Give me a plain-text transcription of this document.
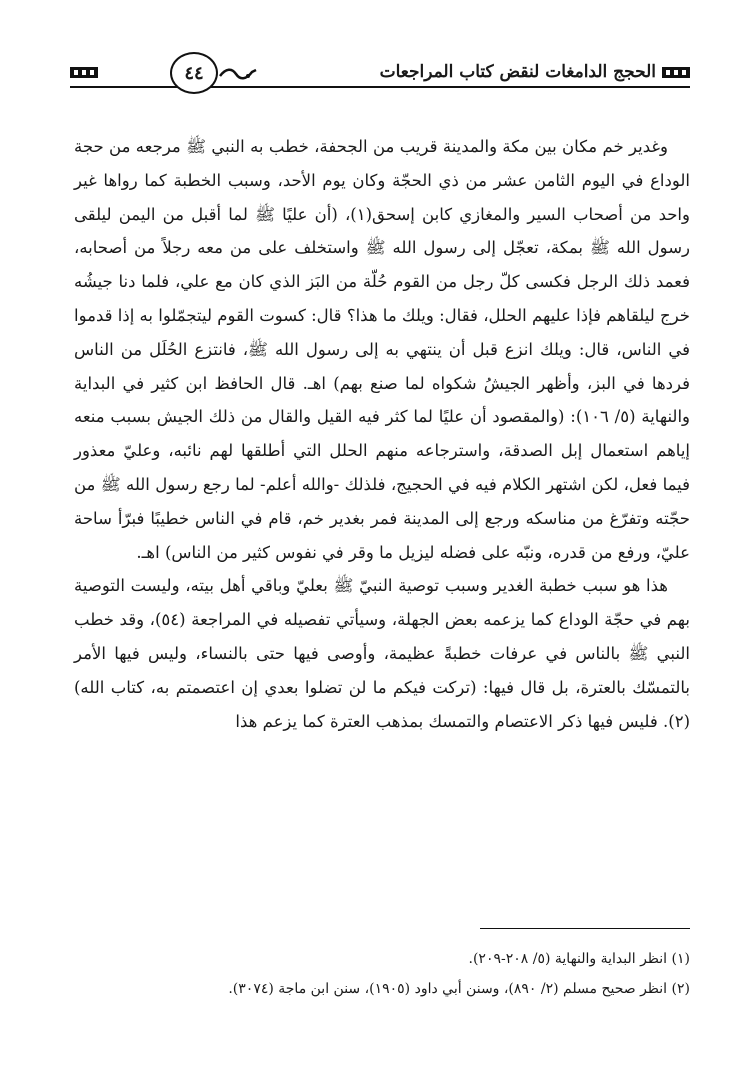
الحجج الدامغات لنقض كتاب المراجعات
٤٤

وغدير خم مكان بين مكة والمدينة قريب من الجحفة، خطب به النبي ﷺ مرجعه من حجة الوداع في اليوم الثامن عشر من ذي الحجّة وكان يوم الأحد، وسبب الخطبة كما رواها غير واحد من أصحاب السير والمغازي كابن إسحق(١)، (أن عليًا ﷺ لما أقبل من اليمن ليلقى رسول الله ﷺ بمكة، تعجّل إلى رسول الله ﷺ واستخلف على من معه رجلاً من أصحابه، فعمد ذلك الرجل فكسى كلّ رجل من القوم حُلّة من البَز الذي كان مع علي، فلما دنا جيشُه خرج ليلقاهم فإذا عليهم الحلل، فقال: ويلك ما هذا؟ قال: كسوت القوم ليتجمّلوا به إذا قدموا في الناس، قال: ويلك انزع قبل أن ينتهي به إلى رسول الله ﷺ، فانتزع الحُلَل من الناس فردها في البز، وأظهر الجيشُ شكواه لما صنع بهم) اهـ. قال الحافظ ابن كثير في البداية والنهاية (٥/ ١٠٦): (والمقصود أن عليًا لما كثر فيه القيل والقال من ذلك الجيش بسبب منعه إياهم استعمال إبل الصدقة، واسترجاعه منهم الحلل التي أطلقها لهم نائبه، وعليّ معذور فيما فعل، لكن اشتهر الكلام فيه في الحجيج، فلذلك -والله أعلم- لما رجع رسول الله ﷺ من حجّته وتفرّغ من مناسكه ورجع إلى المدينة فمر بغدير خم، قام في الناس خطيبًا فبرّأ ساحة عليّ، ورفع من قدره، ونبّه على فضله ليزيل ما وقر في نفوس كثير من الناس) اهـ.

هذا هو سبب خطبة الغدير وسبب توصية النبيّ ﷺ بعليّ وباقي أهل بيته، وليست التوصية بهم في حجّة الوداع كما يزعمه بعض الجهلة، وسيأتي تفصيله في المراجعة (٥٤)، وقد خطب النبي ﷺ بالناس في عرفات خطبةً عظيمة، وأوصى فيها حتى بالنساء، وليس فيها الأمر بالتمسّك بالعترة، بل قال فيها: (تركت فيكم ما لن تضلوا بعدي إن اعتصمتم به، كتاب الله)(٢). فليس فيها ذكر الاعتصام والتمسك بمذهب العترة كما يزعم هذا

(١) انظر البداية والنهاية (٥/ ٢٠٨-٢٠٩).

(٢) انظر صحيح مسلم (٢/ ٨٩٠)، وسنن أبي داود (١٩٠٥)، سنن ابن ماجة (٣٠٧٤).
